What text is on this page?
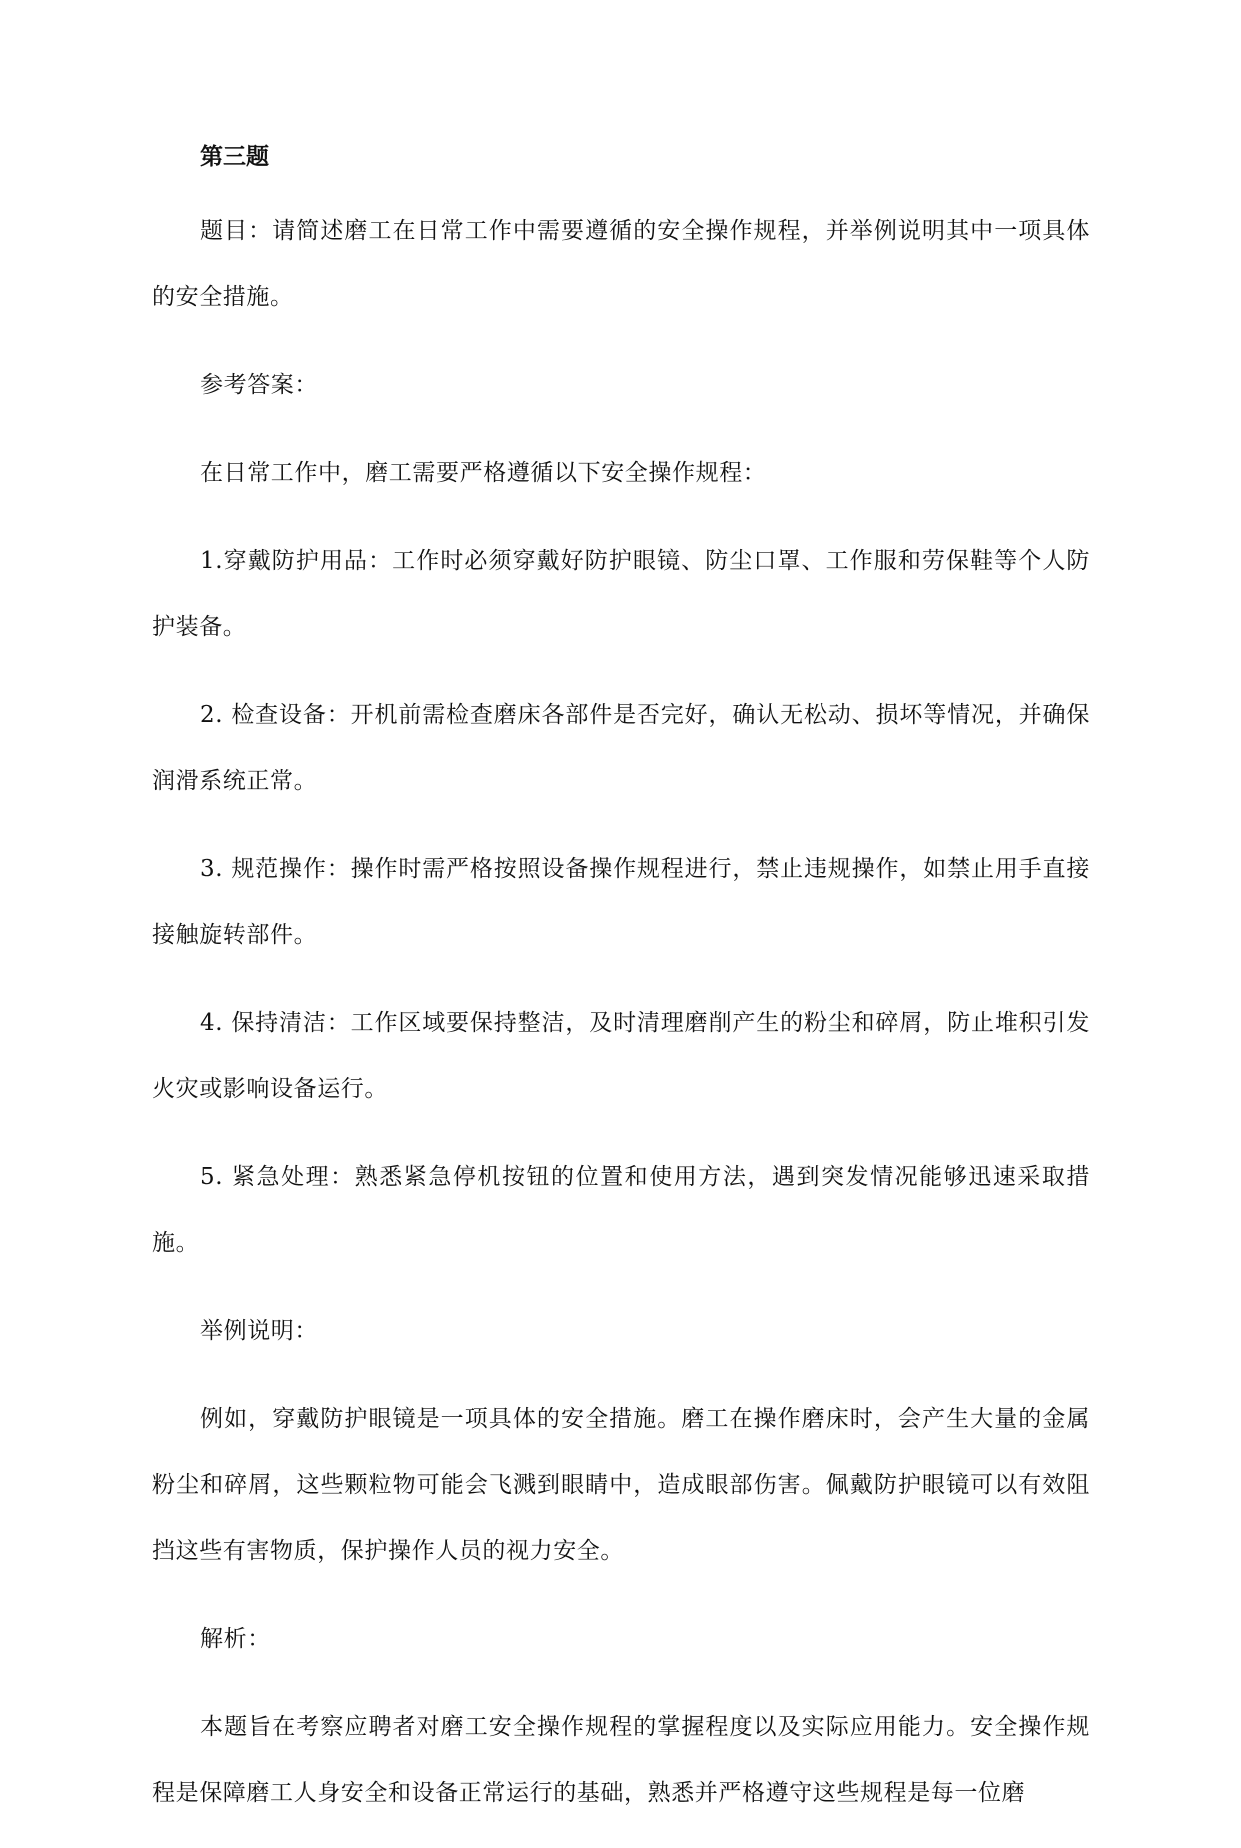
第三题

题目：请简述磨工在日常工作中需要遵循的安全操作规程，并举例说明其中一项具体的安全措施。

参考答案：

在日常工作中，磨工需要严格遵循以下安全操作规程：

1.穿戴防护用品：工作时必须穿戴好防护眼镜、防尘口罩、工作服和劳保鞋等个人防护装备。

2. 检查设备：开机前需检查磨床各部件是否完好，确认无松动、损坏等情况，并确保润滑系统正常。

3. 规范操作：操作时需严格按照设备操作规程进行，禁止违规操作，如禁止用手直接接触旋转部件。

4. 保持清洁：工作区域要保持整洁，及时清理磨削产生的粉尘和碎屑，防止堆积引发火灾或影响设备运行。

5. 紧急处理：熟悉紧急停机按钮的位置和使用方法，遇到突发情况能够迅速采取措施。

举例说明：

例如，穿戴防护眼镜是一项具体的安全措施。磨工在操作磨床时，会产生大量的金属粉尘和碎屑，这些颗粒物可能会飞溅到眼睛中，造成眼部伤害。佩戴防护眼镜可以有效阻挡这些有害物质，保护操作人员的视力安全。

解析：

本题旨在考察应聘者对磨工安全操作规程的掌握程度以及实际应用能力。安全操作规程是保障磨工人身安全和设备正常运行的基础，熟悉并严格遵守这些规程是每一位磨
